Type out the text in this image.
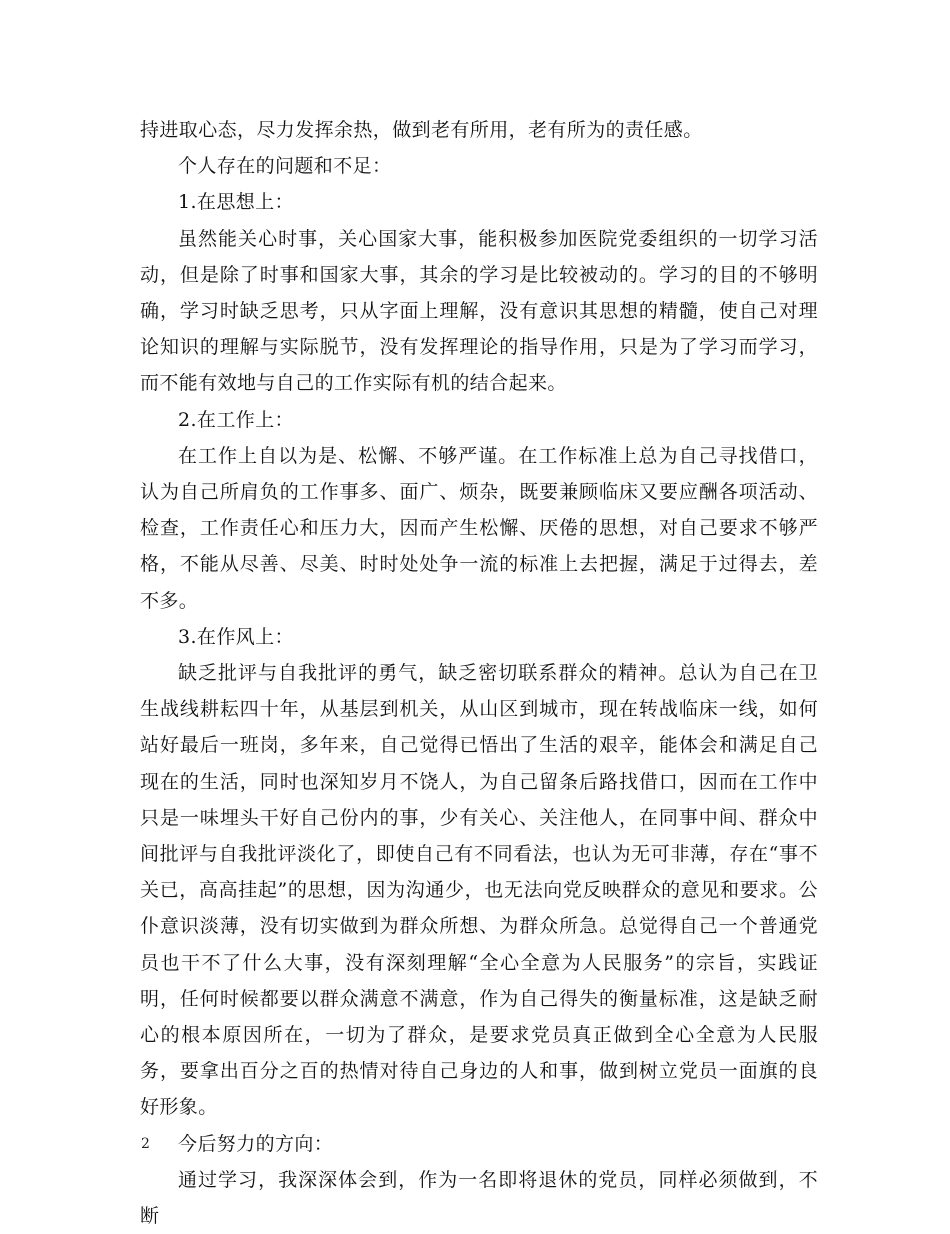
持进取心态，尽力发挥余热，做到老有所用，老有所为的责任感。

个人存在的问题和不足：

1.在思想上：

虽然能关心时事，关心国家大事，能积极参加医院党委组织的一切学习活动，但是除了时事和国家大事，其余的学习是比较被动的。学习的目的不够明确，学习时缺乏思考，只从字面上理解，没有意识其思想的精髓，使自己对理论知识的理解与实际脱节，没有发挥理论的指导作用，只是为了学习而学习，而不能有效地与自己的工作实际有机的结合起来。

2.在工作上：

在工作上自以为是、松懈、不够严谨。在工作标准上总为自己寻找借口，认为自己所肩负的工作事多、面广、烦杂，既要兼顾临床又要应酬各项活动、检查，工作责任心和压力大，因而产生松懈、厌倦的思想，对自己要求不够严格，不能从尽善、尽美、时时处处争一流的标准上去把握，满足于过得去，差不多。

3.在作风上：

缺乏批评与自我批评的勇气，缺乏密切联系群众的精神。总认为自己在卫生战线耕耘四十年，从基层到机关，从山区到城市，现在转战临床一线，如何站好最后一班岗，多年来，自己觉得已悟出了生活的艰辛，能体会和满足自己现在的生活，同时也深知岁月不饶人，为自己留条后路找借口，因而在工作中只是一味埋头干好自己份内的事，少有关心、关注他人，在同事中间、群众中间批评与自我批评淡化了，即使自己有不同看法，也认为无可非薄，存在“事不关已，高高挂起”的思想，因为沟通少，也无法向党反映群众的意见和要求。公仆意识淡薄，没有切实做到为群众所想、为群众所急。总觉得自己一个普通党员也干不了什么大事，没有深刻理解“全心全意为人民服务”的宗旨，实践证明，任何时候都要以群众满意不满意，作为自己得失的衡量标准，这是缺乏耐心的根本原因所在，一切为了群众，是要求党员真正做到全心全意为人民服务，要拿出百分之百的热情对待自己身边的人和事，做到树立党员一面旗的良好形象。

今后努力的方向：

通过学习，我深深体会到，作为一名即将退休的党员，同样必须做到，不断

2
